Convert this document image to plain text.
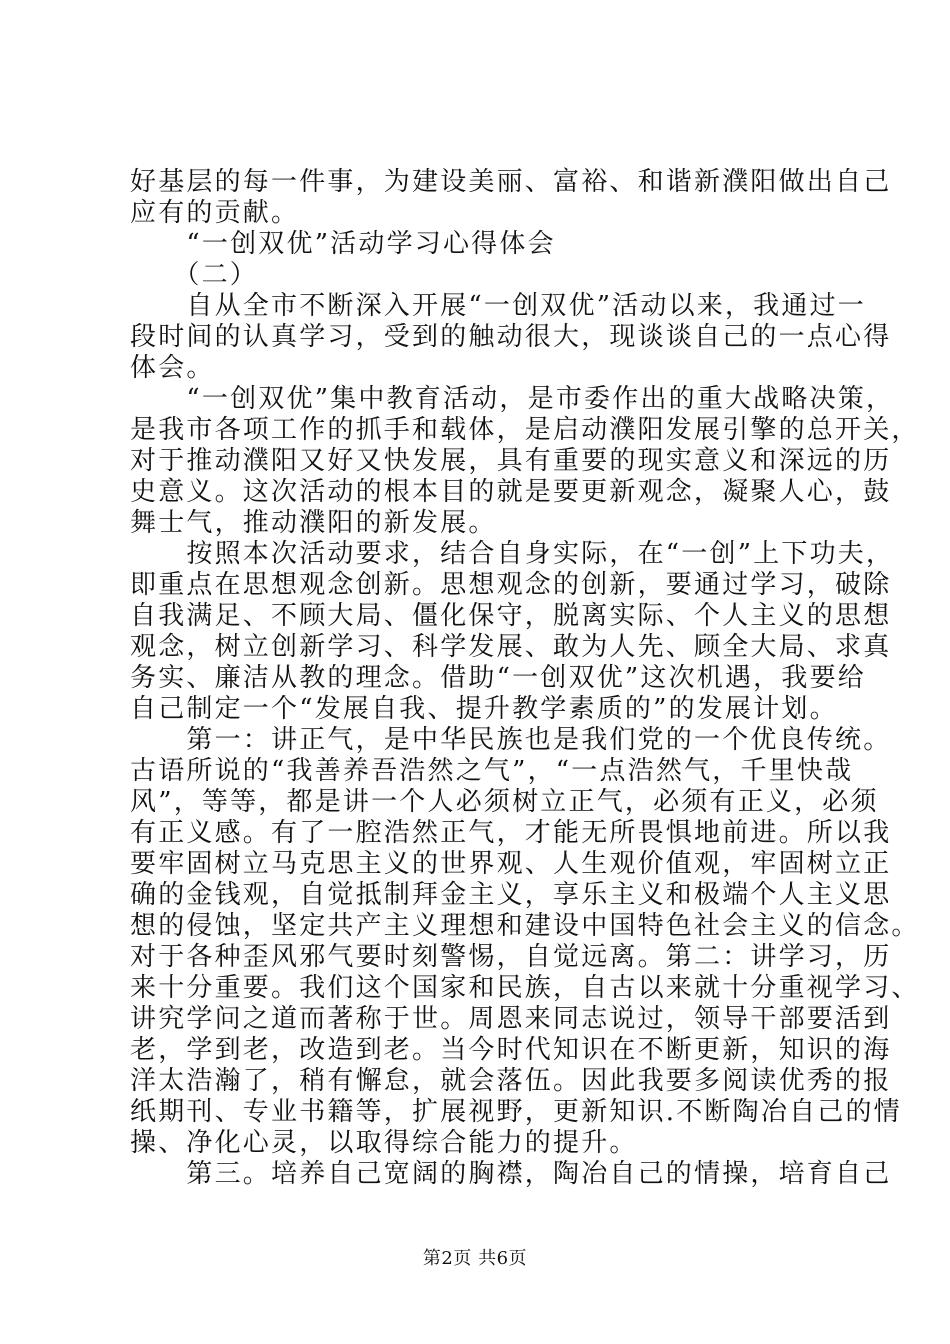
好基层的每一件事，为建设美丽、富裕、和谐新濮阳做出自己
应有的贡献。
　　“一创双优”活动学习心得体会
　　（二）
　　自从全市不断深入开展“一创双优”活动以来，我通过一
段时间的认真学习，受到的触动很大，现谈谈自己的一点心得
体会。
　　“一创双优”集中教育活动，是市委作出的重大战略决策，
是我市各项工作的抓手和载体，是启动濮阳发展引擎的总开关，
对于推动濮阳又好又快发展，具有重要的现实意义和深远的历
史意义。这次活动的根本目的就是要更新观念，凝聚人心，鼓
舞士气，推动濮阳的新发展。
　　按照本次活动要求，结合自身实际，在“一创”上下功夫，
即重点在思想观念创新。思想观念的创新，要通过学习，破除
自我满足、不顾大局、僵化保守，脱离实际、个人主义的思想
观念，树立创新学习、科学发展、敢为人先、顾全大局、求真
务实、廉洁从教的理念。借助“一创双优”这次机遇，我要给
自己制定一个“发展自我、提升教学素质的”的发展计划。
　　第一：讲正气，是中华民族也是我们党的一个优良传统。
古语所说的“我善养吾浩然之气”，“一点浩然气，千里快哉
风”，等等，都是讲一个人必须树立正气，必须有正义，必须
有正义感。有了一腔浩然正气，才能无所畏惧地前进。所以我
要牢固树立马克思主义的世界观、人生观价值观，牢固树立正
确的金钱观，自觉抵制拜金主义，享乐主义和极端个人主义思
想的侵蚀，坚定共产主义理想和建设中国特色社会主义的信念。
对于各种歪风邪气要时刻警惕，自觉远离。第二：讲学习，历
来十分重要。我们这个国家和民族，自古以来就十分重视学习、
讲究学问之道而著称于世。周恩来同志说过，领导干部要活到
老，学到老，改造到老。当今时代知识在不断更新，知识的海
洋太浩瀚了，稍有懈怠，就会落伍。因此我要多阅读优秀的报
纸期刊、专业书籍等，扩展视野，更新知识.不断陶冶自己的情
操、净化心灵，以取得综合能力的提升。
　　第三。培养自己宽阔的胸襟，陶冶自己的情操，培育自己
第2页 共6页
